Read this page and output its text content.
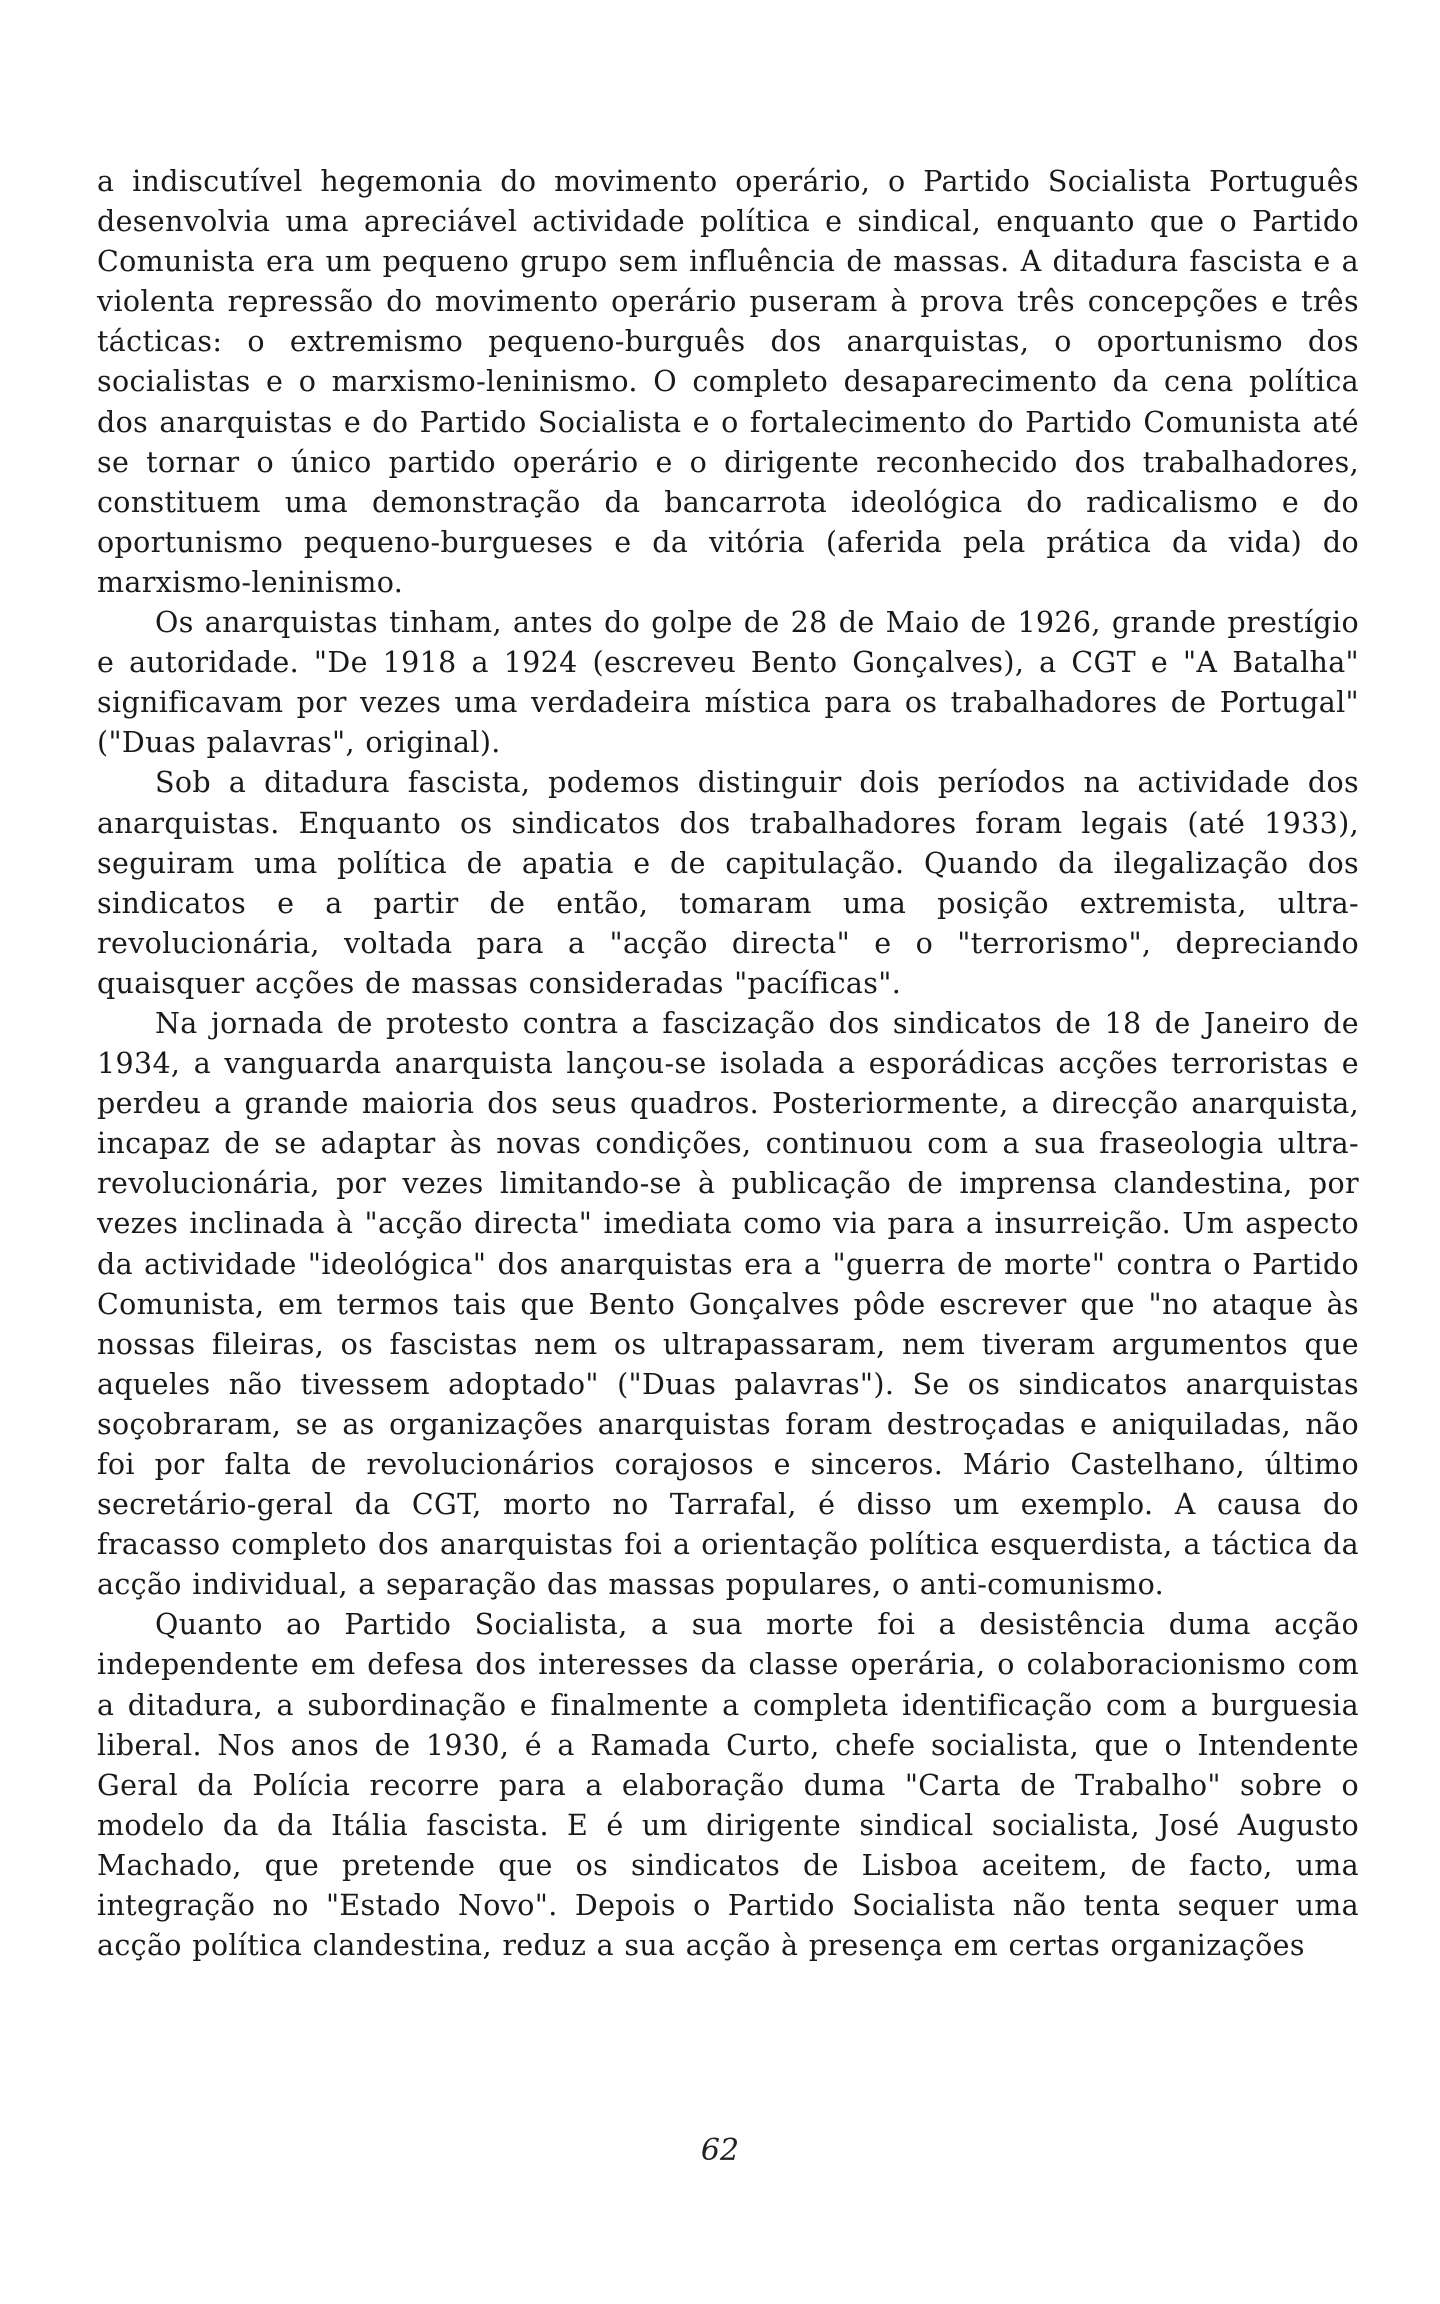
a indiscutível hegemonia do movimento operário, o Partido Socialista Português desenvolvia uma apreciável actividade política e sindical, enquanto que o Partido Comunista era um pequeno grupo sem influência de massas. A ditadura fascista e a violenta repressão do movimento operário puseram à prova três concepções e três tácticas: o extremismo pequeno-burguês dos anarquistas, o oportunismo dos socialistas e o marxismo-leninismo. O completo desaparecimento da cena política dos anarquistas e do Partido Socialista e o fortalecimento do Partido Comunista até se tornar o único partido operário e o dirigente reconhecido dos trabalhadores, constituem uma demonstração da bancarrota ideológica do radicalismo e do oportunismo pequeno-burgueses e da vitória (aferida pela prática da vida) do marxismo-leninismo.

Os anarquistas tinham, antes do golpe de 28 de Maio de 1926, grande prestígio e autoridade. "De 1918 a 1924 (escreveu Bento Gonçalves), a CGT e "A Batalha" significavam por vezes uma verdadeira mística para os trabalhadores de Portugal" ("Duas palavras", original).

Sob a ditadura fascista, podemos distinguir dois períodos na actividade dos anarquistas. Enquanto os sindicatos dos trabalhadores foram legais (até 1933), seguiram uma política de apatia e de capitulação. Quando da ilegalização dos sindicatos e a partir de então, tomaram uma posição extremista, ultra-revolucionária, voltada para a "acção directa" e o "terrorismo", depreciando quaisquer acções de massas consideradas "pacíficas".

Na jornada de protesto contra a fascização dos sindicatos de 18 de Janeiro de 1934, a vanguarda anarquista lançou-se isolada a esporádicas acções terroristas e perdeu a grande maioria dos seus quadros. Posteriormente, a direcção anarquista, incapaz de se adaptar às novas condições, continuou com a sua fraseologia ultra-revolucionária, por vezes limitando-se à publicação de imprensa clandestina, por vezes inclinada à "acção directa" imediata como via para a insurreição. Um aspecto da actividade "ideológica" dos anarquistas era a "guerra de morte" contra o Partido Comunista, em termos tais que Bento Gonçalves pôde escrever que "no ataque às nossas fileiras, os fascistas nem os ultrapassaram, nem tiveram argumentos que aqueles não tivessem adoptado" ("Duas palavras"). Se os sindicatos anarquistas soçobraram, se as organizações anarquistas foram destroçadas e aniquiladas, não foi por falta de revolucionários corajosos e sinceros. Mário Castelhano, último secretário-geral da CGT, morto no Tarrafal, é disso um exemplo. A causa do fracasso completo dos anarquistas foi a orientação política esquerdista, a táctica da acção individual, a separação das massas populares, o anti-comunismo.

Quanto ao Partido Socialista, a sua morte foi a desistência duma acção independente em defesa dos interesses da classe operária, o colaboracionismo com a ditadura, a subordinação e finalmente a completa identificação com a burguesia liberal. Nos anos de 1930, é a Ramada Curto, chefe socialista, que o Intendente Geral da Polícia recorre para a elaboração duma "Carta de Trabalho" sobre o modelo da da Itália fascista. E é um dirigente sindical socialista, José Augusto Machado, que pretende que os sindicatos de Lisboa aceitem, de facto, uma integração no "Estado Novo". Depois o Partido Socialista não tenta sequer uma acção política clandestina, reduz a sua acção à presença em certas organizações

62
